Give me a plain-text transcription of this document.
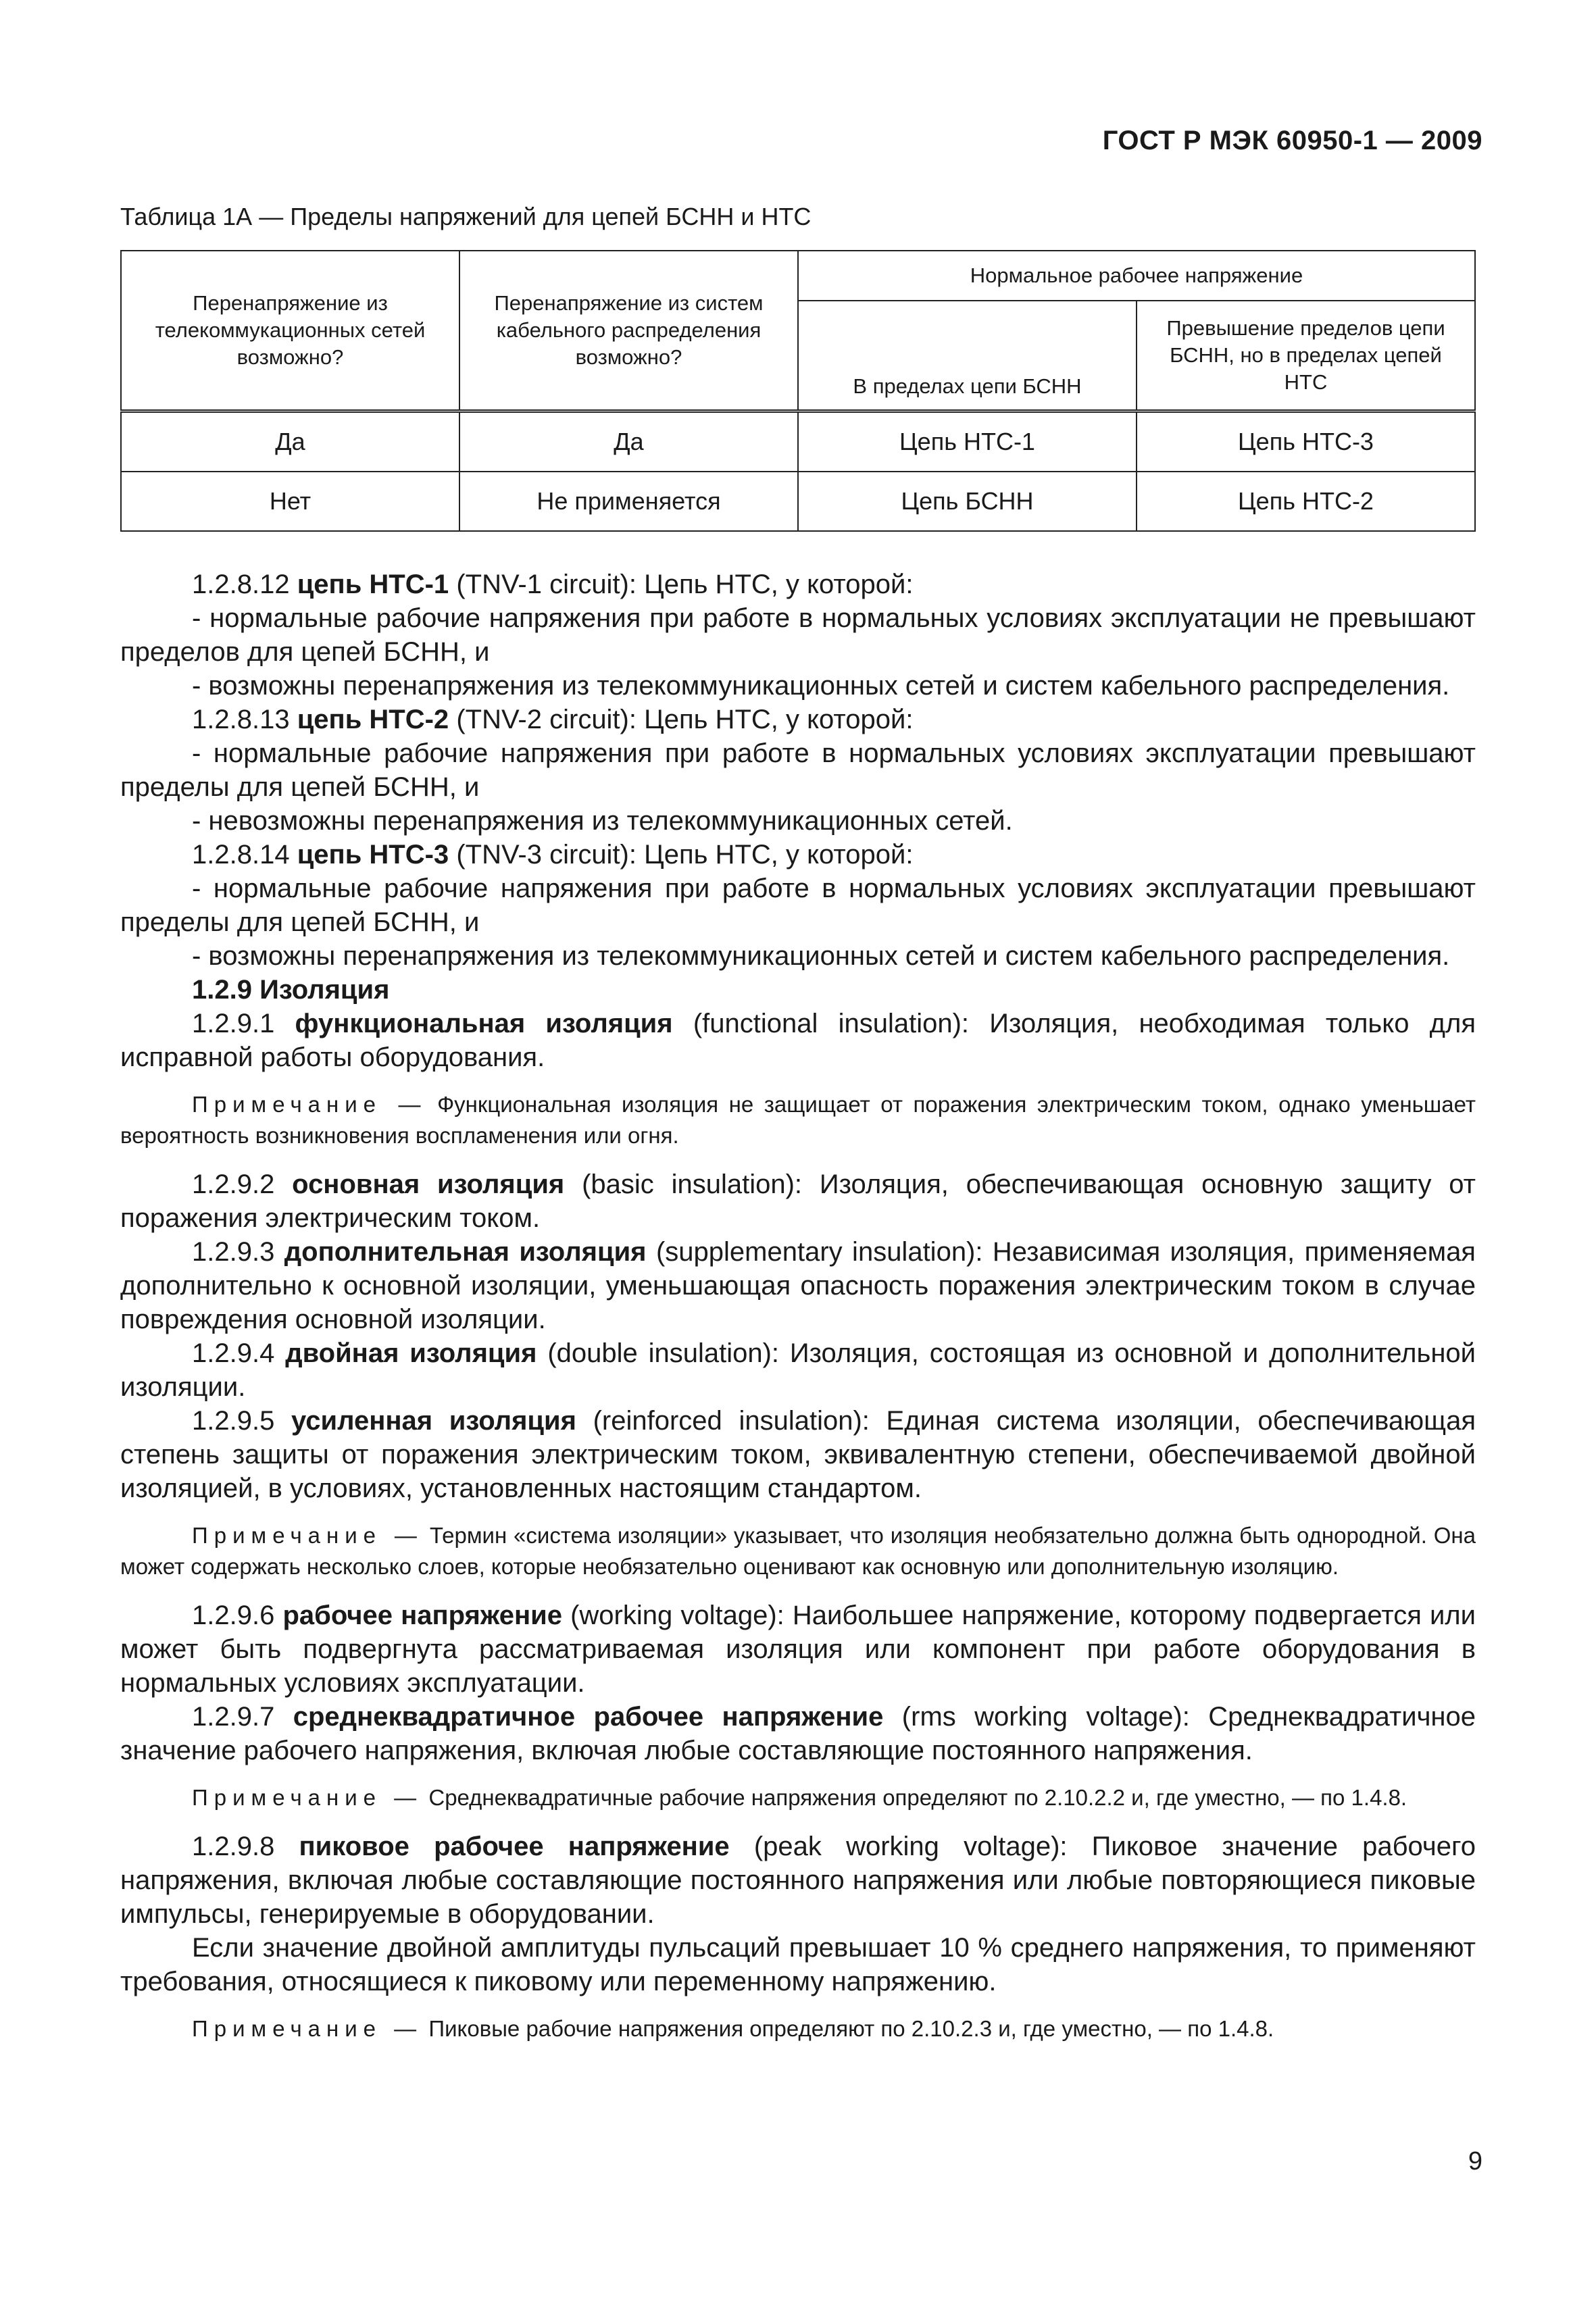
ГОСТ Р МЭК 60950-1 — 2009
Таблица 1А — Пределы напряжений для цепей БСНН и НТС
Перенапряжение из телекоммукационных сетей возможно?	Перенапряжение из систем кабельного распределения возможно?	Нормальное рабочее напряжение	
		В пределах цепи БСНН	Превышение пределов цепи БСНН, но в пределах цепей НТС
Да	Да	Цепь НТС-1	Цепь НТС-3
Нет	Не применяется	Цепь БСНН	Цепь НТС-2

1.2.8.12 цепь НТС-1 (TNV-1 circuit): Цепь НТС, у которой:

- нормальные рабочие напряжения при работе в нормальных условиях эксплуатации не превышают пределов для цепей БСНН, и

- возможны перенапряжения из телекоммуникационных сетей и систем кабельного распределения.

1.2.8.13 цепь НТС-2 (TNV-2 circuit): Цепь НТС, у которой:

- нормальные рабочие напряжения при работе в нормальных условиях эксплуатации превышают пределы для цепей БСНН, и

- невозможны перенапряжения из телекоммуникационных сетей.

1.2.8.14 цепь НТС-3 (TNV-3 circuit): Цепь НТС, у которой:

- нормальные рабочие напряжения при работе в нормальных условиях эксплуатации превышают пределы для цепей БСНН, и

- возможны перенапряжения из телекоммуникационных сетей и систем кабельного распределения.

1.2.9 Изоляция

1.2.9.1 функциональная изоляция (functional insulation): Изоляция, необходимая только для исправной работы оборудования.

Примечание — Функциональная изоляция не защищает от поражения электрическим током, однако уменьшает вероятность возникновения воспламенения или огня.

1.2.9.2 основная изоляция (basic insulation): Изоляция, обеспечивающая основную защиту от поражения электрическим током.

1.2.9.3 дополнительная изоляция (supplementary insulation): Независимая изоляция, применяемая дополнительно к основной изоляции, уменьшающая опасность поражения электрическим током в случае повреждения основной изоляции.

1.2.9.4 двойная изоляция (double insulation): Изоляция, состоящая из основной и дополнительной изоляции.

1.2.9.5 усиленная изоляция (reinforced insulation): Единая система изоляции, обеспечивающая степень защиты от поражения электрическим током, эквивалентную степени, обеспечиваемой двойной изоляцией, в условиях, установленных настоящим стандартом.

Примечание — Термин «система изоляции» указывает, что изоляция необязательно должна быть однородной. Она может содержать несколько слоев, которые необязательно оценивают как основную или дополнительную изоляцию.

1.2.9.6 рабочее напряжение (working voltage): Наибольшее напряжение, которому подвергается или может быть подвергнута рассматриваемая изоляция или компонент при работе оборудования в нормальных условиях эксплуатации.

1.2.9.7 среднеквадратичное рабочее напряжение (rms working voltage): Среднеквадратичное значение рабочего напряжения, включая любые составляющие постоянного напряжения.

Примечание — Среднеквадратичные рабочие напряжения определяют по 2.10.2.2 и, где уместно, — по 1.4.8.

1.2.9.8 пиковое рабочее напряжение (peak working voltage): Пиковое значение рабочего напряжения, включая любые составляющие постоянного напряжения или любые повторяющиеся пиковые импульсы, генерируемые в оборудовании.

Если значение двойной амплитуды пульсаций превышает 10 % среднего напряжения, то применяют требования, относящиеся к пиковому или переменному напряжению.

Примечание — Пиковые рабочие напряжения определяют по 2.10.2.3 и, где уместно, — по 1.4.8.

9
